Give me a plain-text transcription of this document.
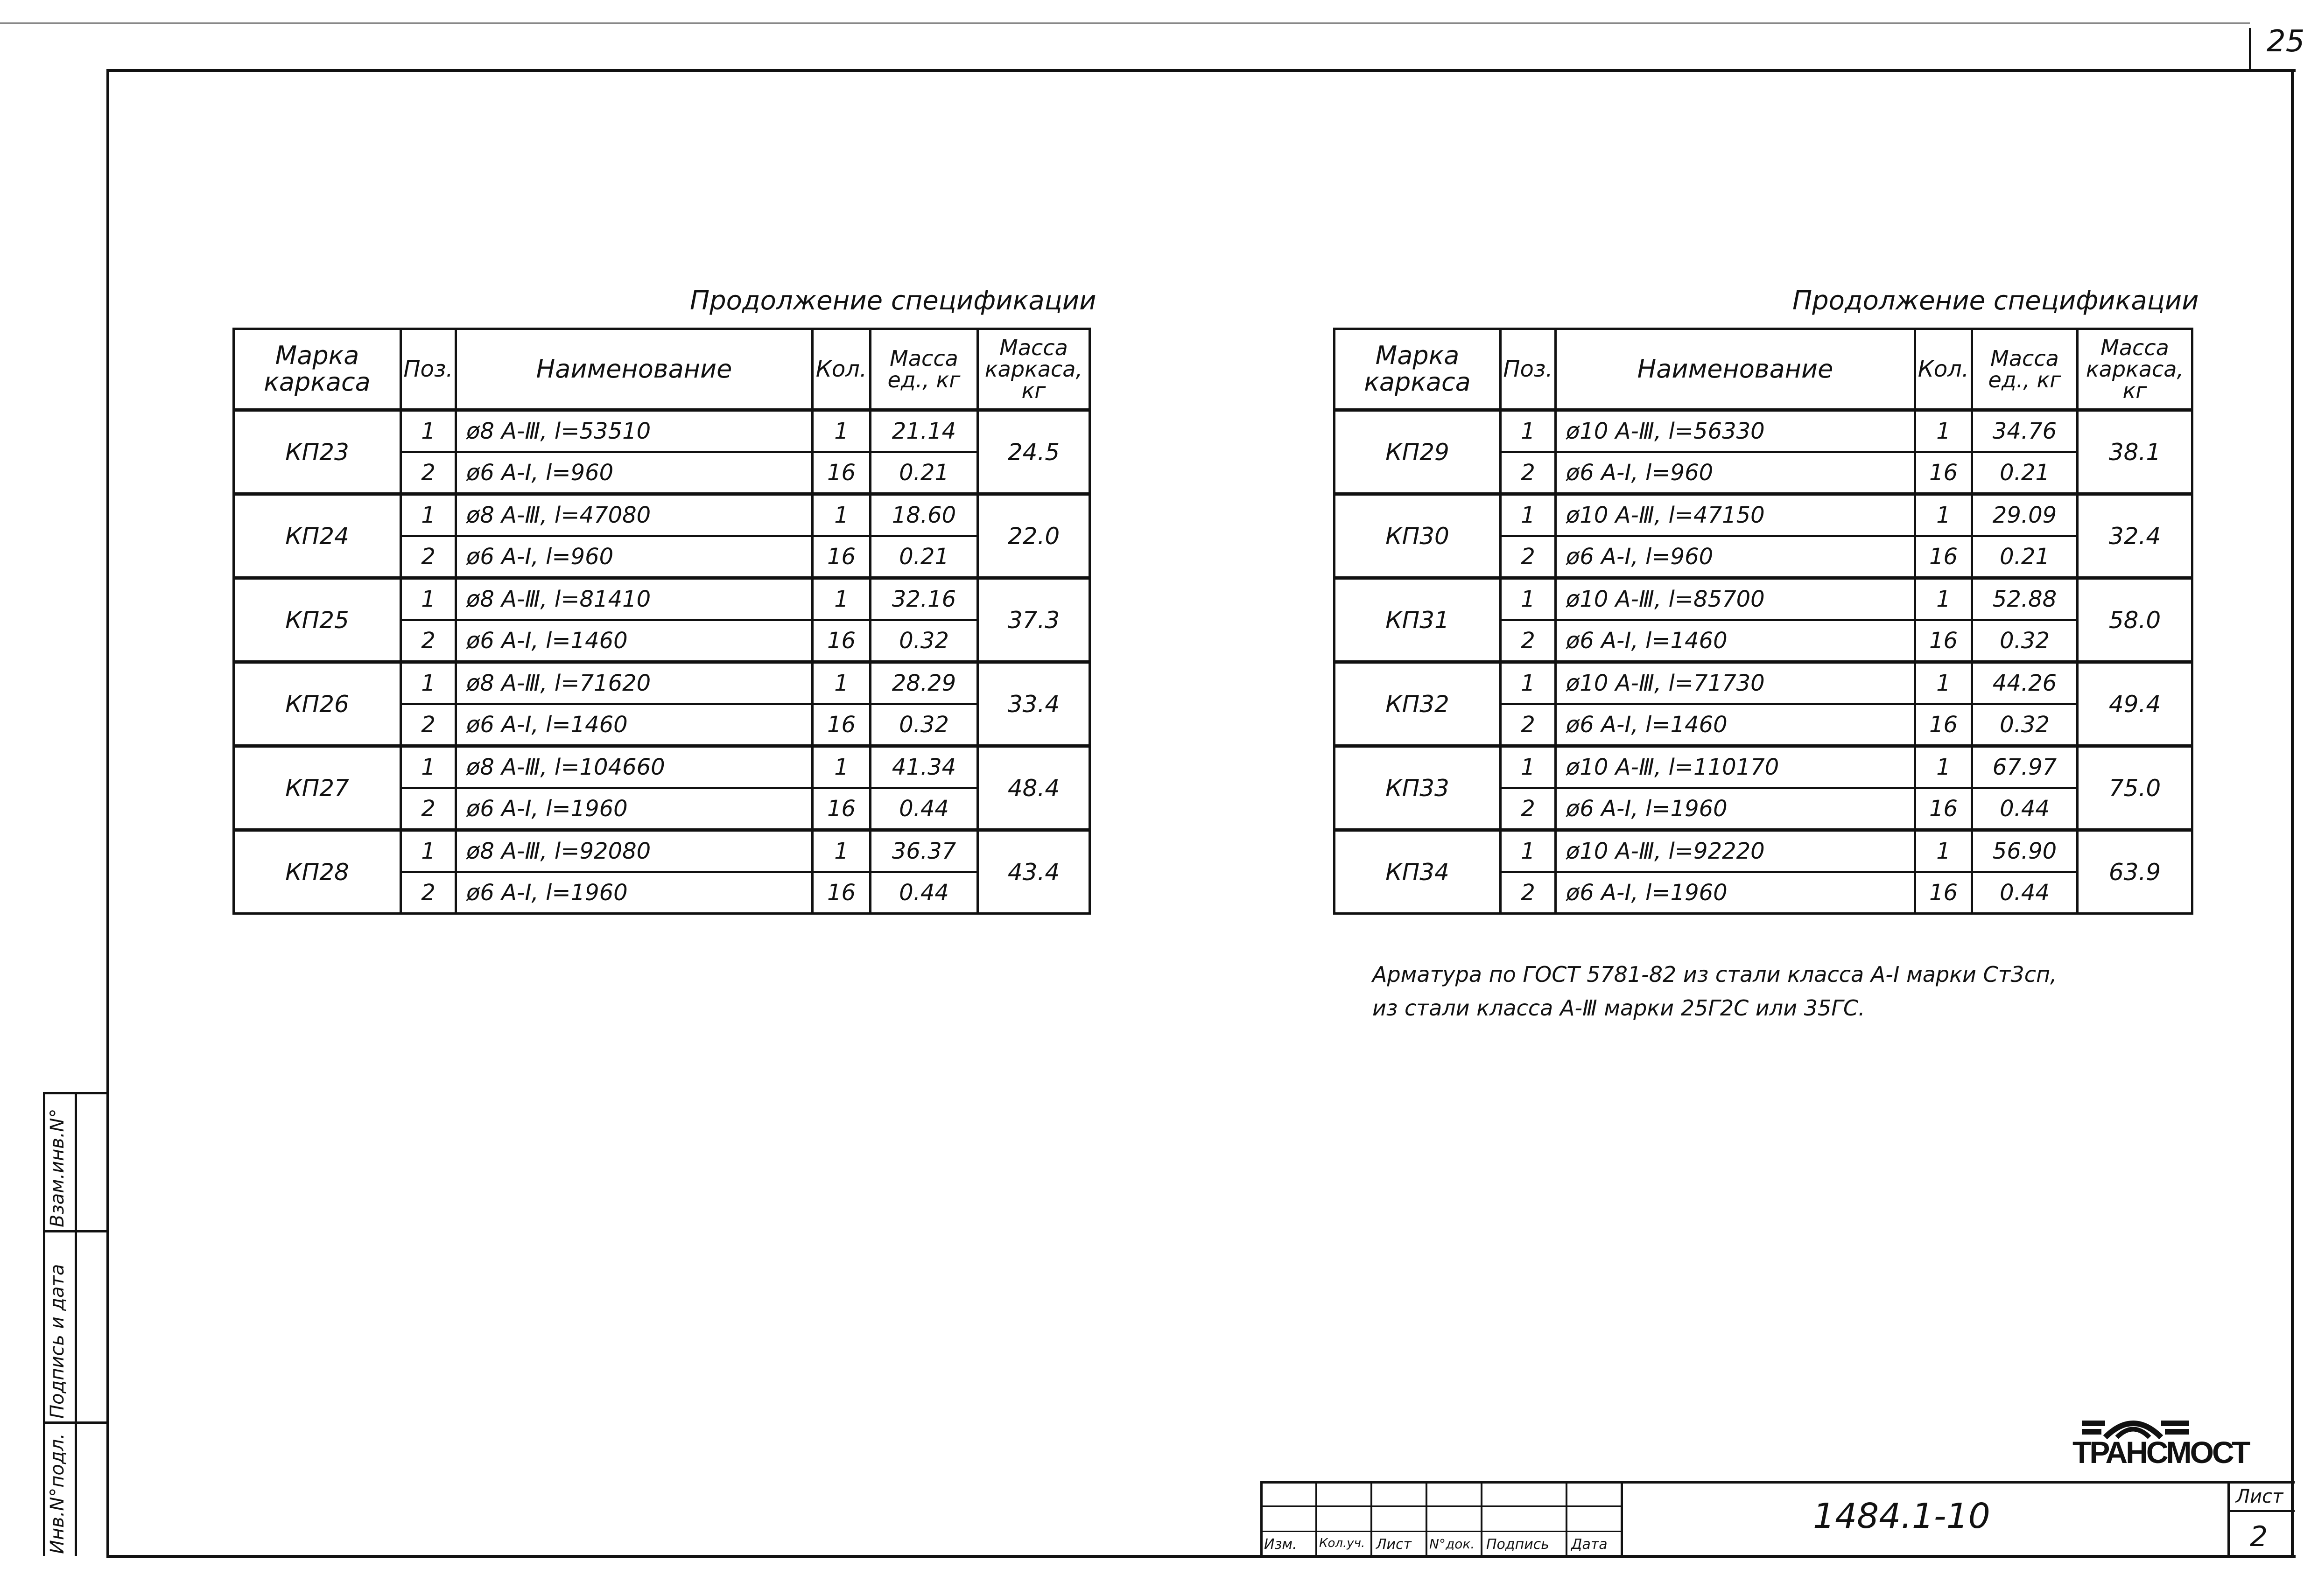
25
Продолжение спецификации
Марка каркаса	Поз.	Наименование	Кол.	Масса ед., кг	Масса каркаса, кг
КП23	1	ø8 А-Ⅲ, l=53510	1	21.14	24.5
	2	ø6 А-Ⅰ, l=960	16	0.21	
КП24	1	ø8 А-Ⅲ, l=47080	1	18.60	22.0
	2	ø6 А-Ⅰ, l=960	16	0.21	
КП25	1	ø8 А-Ⅲ, l=81410	1	32.16	37.3
	2	ø6 А-Ⅰ, l=1460	16	0.32	
КП26	1	ø8 А-Ⅲ, l=71620	1	28.29	33.4
	2	ø6 А-Ⅰ, l=1460	16	0.32	
КП27	1	ø8 А-Ⅲ, l=104660	1	41.34	48.4
	2	ø6 А-Ⅰ, l=1960	16	0.44	
КП28	1	ø8 А-Ⅲ, l=92080	1	36.37	43.4
	2	ø6 А-Ⅰ, l=1960	16	0.44	
Продолжение спецификации
Марка каркаса	Поз.	Наименование	Кол.	Масса ед., кг	Масса каркаса, кг
КП29	1	ø10 А-Ⅲ, l=56330	1	34.76	38.1
	2	ø6 А-Ⅰ, l=960	16	0.21	
КП30	1	ø10 А-Ⅲ, l=47150	1	29.09	32.4
	2	ø6 А-Ⅰ, l=960	16	0.21	
КП31	1	ø10 А-Ⅲ, l=85700	1	52.88	58.0
	2	ø6 А-Ⅰ, l=1460	16	0.32	
КП32	1	ø10 А-Ⅲ, l=71730	1	44.26	49.4
	2	ø6 А-Ⅰ, l=1460	16	0.32	
КП33	1	ø10 А-Ⅲ, l=110170	1	67.97	75.0
	2	ø6 А-Ⅰ, l=1960	16	0.44	
КП34	1	ø10 А-Ⅲ, l=92220	1	56.90	63.9
	2	ø6 А-Ⅰ, l=1960	16	0.44	
Арматура по ГОСТ 5781-82 из стали класса А-Ⅰ марки Ст3сп,
из стали класса А-Ⅲ марки 25Г2С или 35ГС.
Взам.инв.N°
Подпись и дата
Инв.N°подл.	ТРАНСМОСТ
Изм. Кол.уч. Лист N°док. Подпись Дата
1484.1-10	Лист
2
